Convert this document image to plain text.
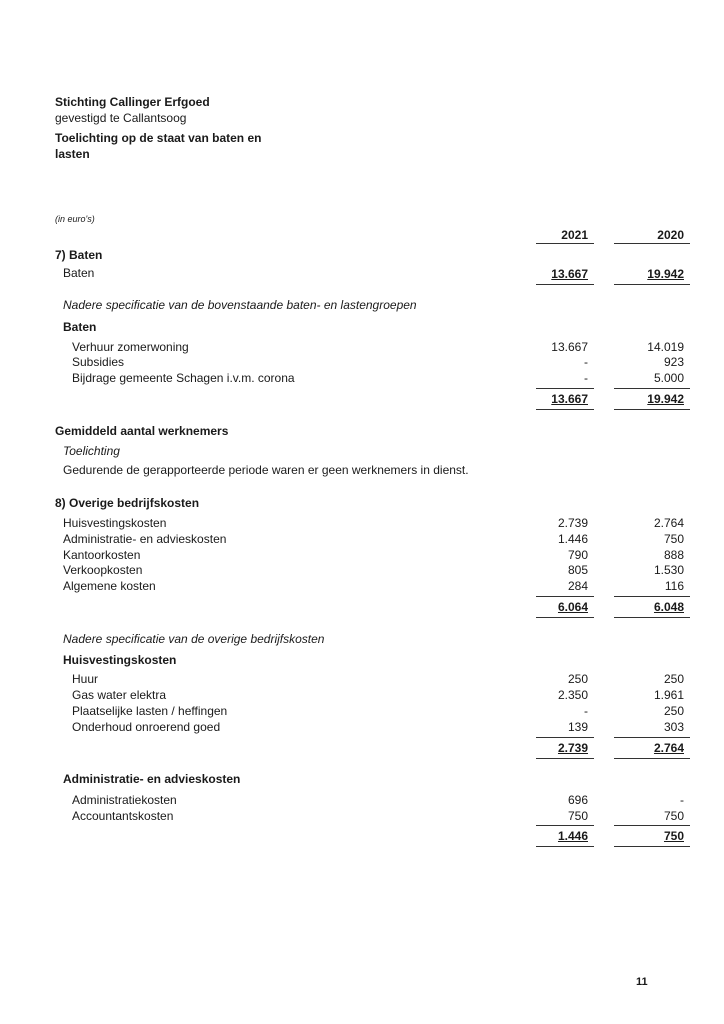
Stichting Callinger Erfgoed
gevestigd te Callantsoog
Toelichting op de staat van baten en
lasten
(in euro's)
2021	2020
7) Baten
Baten	13.667	19.942
Nadere specificatie van de bovenstaande baten- en lastengroepen
Baten
Verhuur zomerwoning	13.667	14.019
Subsidies	-	923
Bijdrage gemeente Schagen i.v.m. corona	-	5.000
13.667	19.942
Gemiddeld aantal werknemers
Toelichting
Gedurende de gerapporteerde periode waren er geen werknemers in dienst.
8) Overige bedrijfskosten
Huisvestingskosten	2.739	2.764
Administratie- en advieskosten	1.446	750
Kantoorkosten	790	888
Verkoopkosten	805	1.530
Algemene kosten	284	116
6.064	6.048
Nadere specificatie van de overige bedrijfskosten
Huisvestingskosten
Huur	250	250
Gas water elektra	2.350	1.961
Plaatselijke lasten / heffingen	-	250
Onderhoud onroerend goed	139	303
2.739	2.764
Administratie- en advieskosten
Administratiekosten	696	-
Accountantskosten	750	750
1.446	750
11
